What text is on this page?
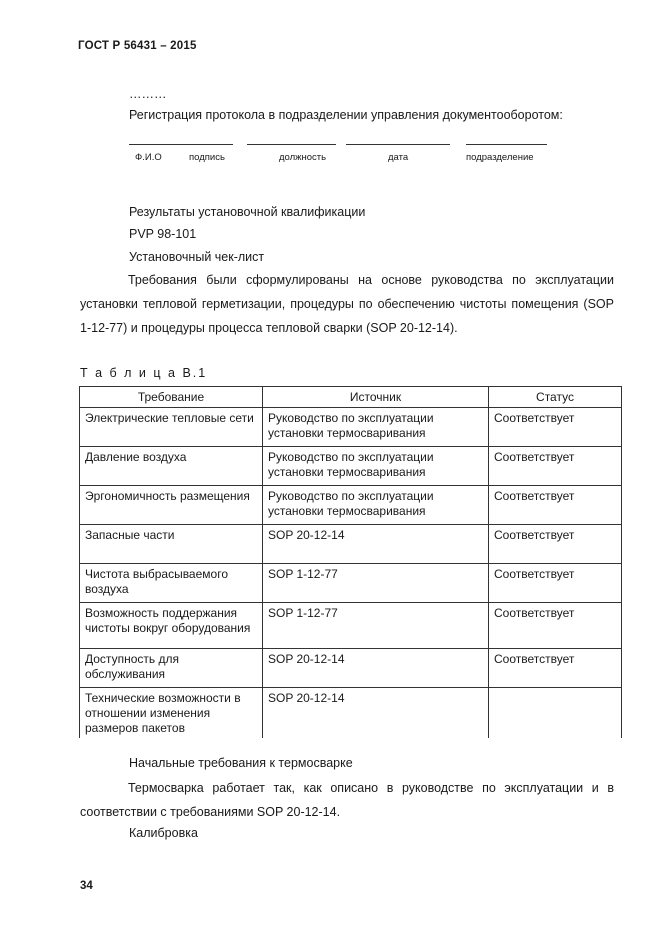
ГОСТ Р 56431 – 2015
………
Регистрация протокола в подразделении управления документооборотом:
Ф.И.О	подпись	должность	дата	подразделение
Результаты установочной квалификации
PVP 98-101
Установочный чек-лист
Требования были сформулированы на основе руководства по эксплуатации установки тепловой герметизации, процедуры по обеспечению чистоты помещения (SOP 1-12-77) и процедуры процесса тепловой сварки (SOP 20-12-14).
Т а б л и ц а В.1
Требование	Источник	Статус
Электрические тепловые сети	Руководство по эксплуатации установки термосваривания	Соответствует
Давление воздуха	Руководство по эксплуатации установки термосваривания	Соответствует
Эргономичность размещения	Руководство по эксплуатации установки термосваривания	Соответствует
Запасные части	SOP 20-12-14	Соответствует
Чистота выбрасываемого воздуха	SOP 1-12-77	Соответствует
Возможность поддержания чистоты вокруг оборудования	SOP 1-12-77	Соответствует
Доступность для обслуживания	SOP 20-12-14	Соответствует
Технические возможности в отношении изменения размеров пакетов	SOP 20-12-14	
Начальные требования к термосварке
Термосварка работает так, как описано в руководстве по эксплуатации и в соответствии с требованиями SOP 20-12-14.
Калибровка
34
